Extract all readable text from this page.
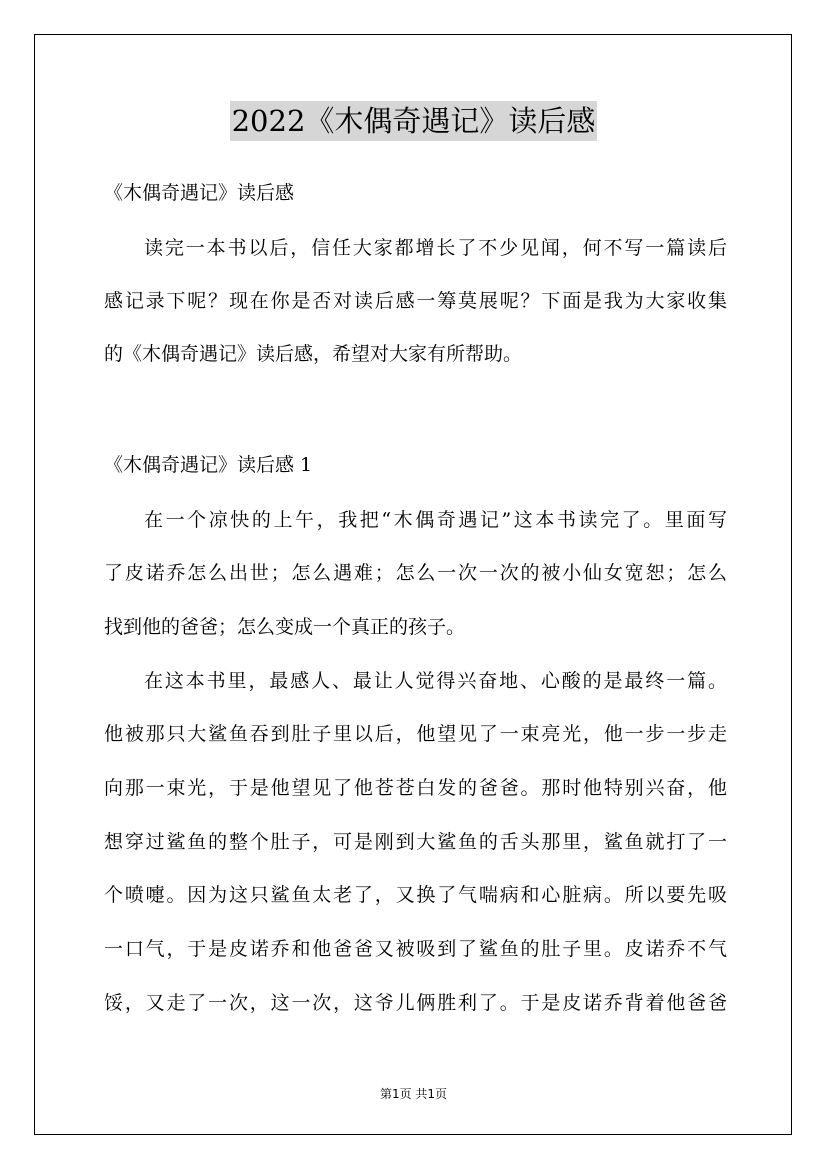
2022《木偶奇遇记》读后感
《木偶奇遇记》读后感
读完一本书以后，信任大家都增长了不少见闻，何不写一篇读后
感记录下呢？现在你是否对读后感一筹莫展呢？下面是我为大家收集
的《木偶奇遇记》读后感，希望对大家有所帮助。
《木偶奇遇记》读后感 1
在一个凉快的上午，我把“木偶奇遇记”这本书读完了。里面写
了皮诺乔怎么出世；怎么遇难；怎么一次一次的被小仙女宽恕；怎么
找到他的爸爸；怎么变成一个真正的孩子。
在这本书里，最感人、最让人觉得兴奋地、心酸的是最终一篇。
他被那只大鲨鱼吞到肚子里以后，他望见了一束亮光，他一步一步走
向那一束光，于是他望见了他苍苍白发的爸爸。那时他特别兴奋，他
想穿过鲨鱼的整个肚子，可是刚到大鲨鱼的舌头那里，鲨鱼就打了一
个喷嚏。因为这只鲨鱼太老了，又换了气喘病和心脏病。所以要先吸
一口气，于是皮诺乔和他爸爸又被吸到了鲨鱼的肚子里。皮诺乔不气
馁，又走了一次，这一次，这爷儿俩胜利了。于是皮诺乔背着他爸爸
第1页 共1页
